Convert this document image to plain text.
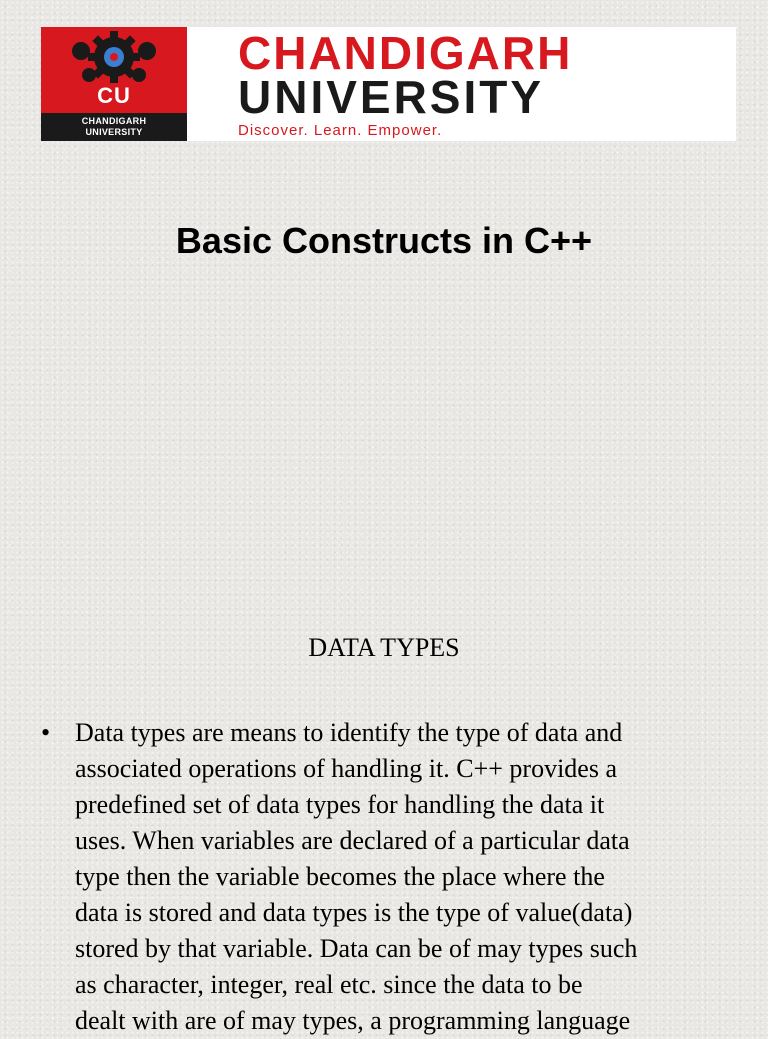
CU
CHANDIGARH
UNIVERSITY
CHANDIGARH
UNIVERSITY
Discover. Learn. Empower.
Basic Constructs in C++
DATA TYPES
• Data types are means to identify the type of data and
associated operations of handling it. C++ provides a
predefined set of data types for handling the data it
uses. When variables are declared of a particular data
type then the variable becomes the place where the
data is stored and data types is the type of value(data)
stored by that variable. Data can be of may types such
as character, integer, real etc. since the data to be
dealt with are of may types, a programming language
